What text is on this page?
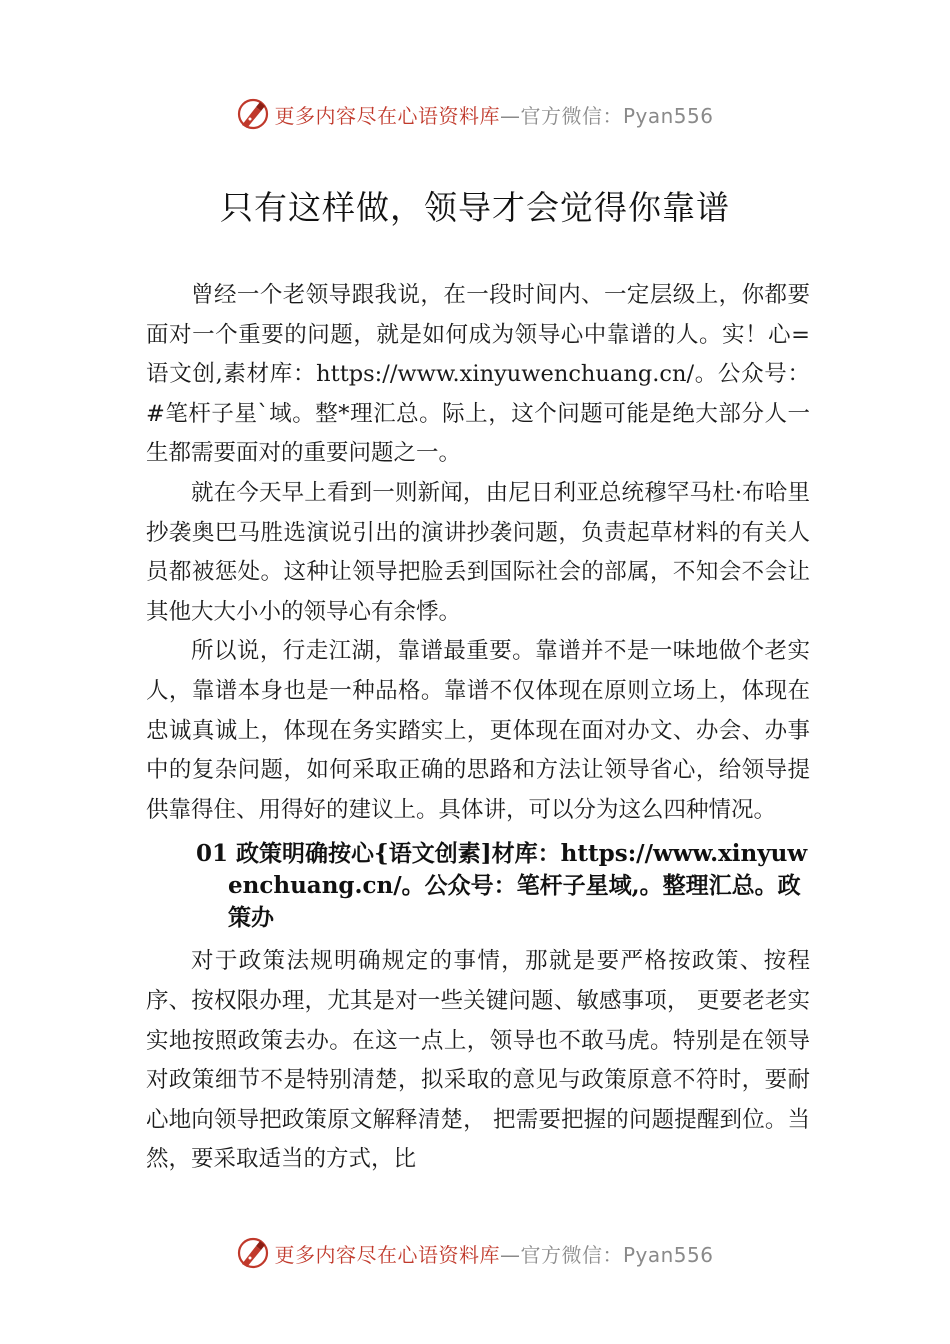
更多内容尽在心语资料库—官方微信：Pyan556
只有这样做，领导才会觉得你靠谱

曾经一个老领导跟我说，在一段时间内、一定层级上，你都要面对一个重要的问题，就是如何成为领导心中靠谱的人。实！心=语文创,素材库：https://www.xinyuwenchuang.cn/。公众号：#笔杆子星`域。整*理汇总。际上，这个问题可能是绝大部分人一生都需要面对的重要问题之一。

就在今天早上看到一则新闻，由尼日利亚总统穆罕马杜·布哈里抄袭奥巴马胜选演说引出的演讲抄袭问题，负责起草材料的有关人员都被惩处。这种让领导把脸丢到国际社会的部属，不知会不会让其他大大小小的领导心有余悸。

所以说，行走江湖，靠谱最重要。靠谱并不是一味地做个老实人，靠谱本身也是一种品格。靠谱不仅体现在原则立场上，体现在忠诚真诚上，体现在务实踏实上，更体现在面对办文、办会、办事中的复杂问题，如何采取正确的思路和方法让领导省心，给领导提供靠得住、用得好的建议上。具体讲，可以分为这么四种情况。

01 政策明确按心{语文创素]材库：https://www.xinyuwenchuang.cn/。公众号：笔杆子星域,。整理汇总。政策办

对于政策法规明确规定的事情，那就是要严格按政策、按程序、按权限办理，尤其是对一些关键问题、敏感事项， 更要老老实实地按照政策去办。在这一点上，领导也不敢马虎。特别是在领导对政策细节不是特别清楚，拟采取的意见与政策原意不符时，要耐心地向领导把政策原文解释清楚， 把需要把握的问题提醒到位。当然，要采取适当的方式，比

更多内容尽在心语资料库—官方微信：Pyan556
